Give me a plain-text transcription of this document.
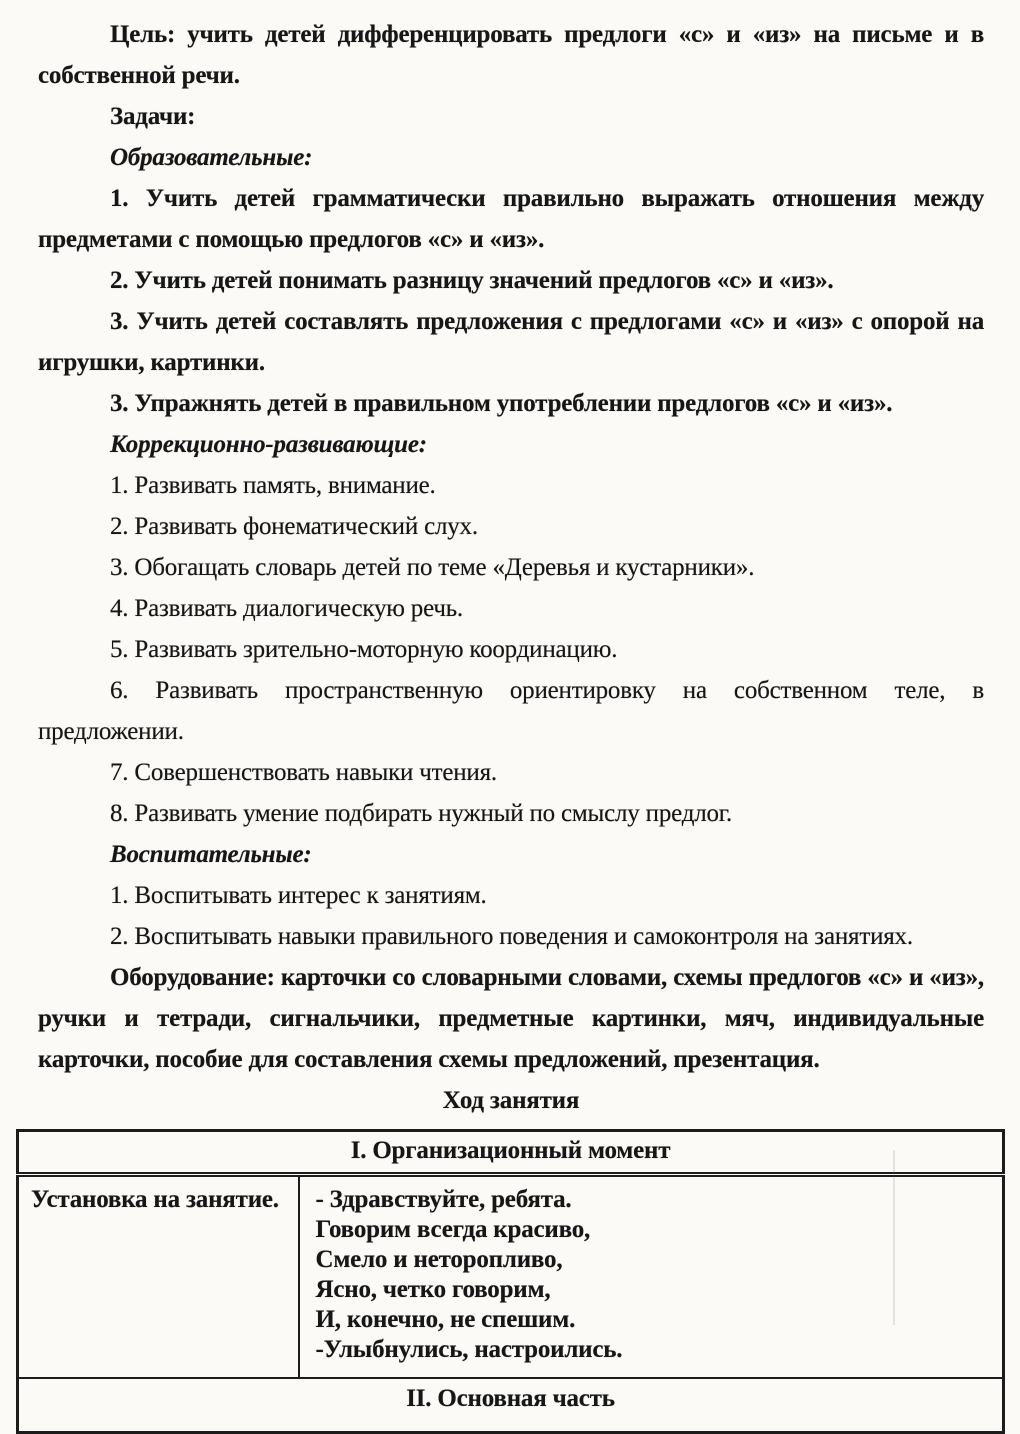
Цель: учить детей дифференцировать предлоги «с» и «из» на письме и в собственной речи.

Задачи:

Образовательные:

1. Учить детей грамматически правильно выражать отношения между предметами с помощью предлогов «с» и «из».

2. Учить детей понимать разницу значений предлогов «с» и «из».

3. Учить детей составлять предложения с предлогами «с» и «из» с опорой на игрушки, картинки.

3. Упражнять детей в правильном употреблении предлогов «с» и «из».

Коррекционно-развивающие:

1. Развивать память, внимание.

2. Развивать фонематический слух.

3. Обогащать словарь детей по теме «Деревья и кустарники».

4. Развивать диалогическую речь.

5. Развивать зрительно-моторную координацию.

6. Развивать пространственную ориентировку на собственном теле, в предложении.

7. Совершенствовать навыки чтения.

8. Развивать умение подбирать нужный по смыслу предлог.

Воспитательные:

1. Воспитывать интерес к занятиям.

2. Воспитывать навыки правильного поведения и самоконтроля на занятиях.

Оборудование: карточки со словарными словами, схемы предлогов «с» и «из», ручки и тетради, сигнальчики, предметные картинки, мяч, индивидуальные карточки, пособие для составления схемы предложений, презентация.

Ход занятия

I. Организационный момент
Установка на занятие.	- Здравствуйте, ребята.
Говорим всегда красиво,
Смело и неторопливо,
Ясно, четко говорим,
И, конечно, не спешим.
-Улыбнулись, настроились.

II. Основная часть
